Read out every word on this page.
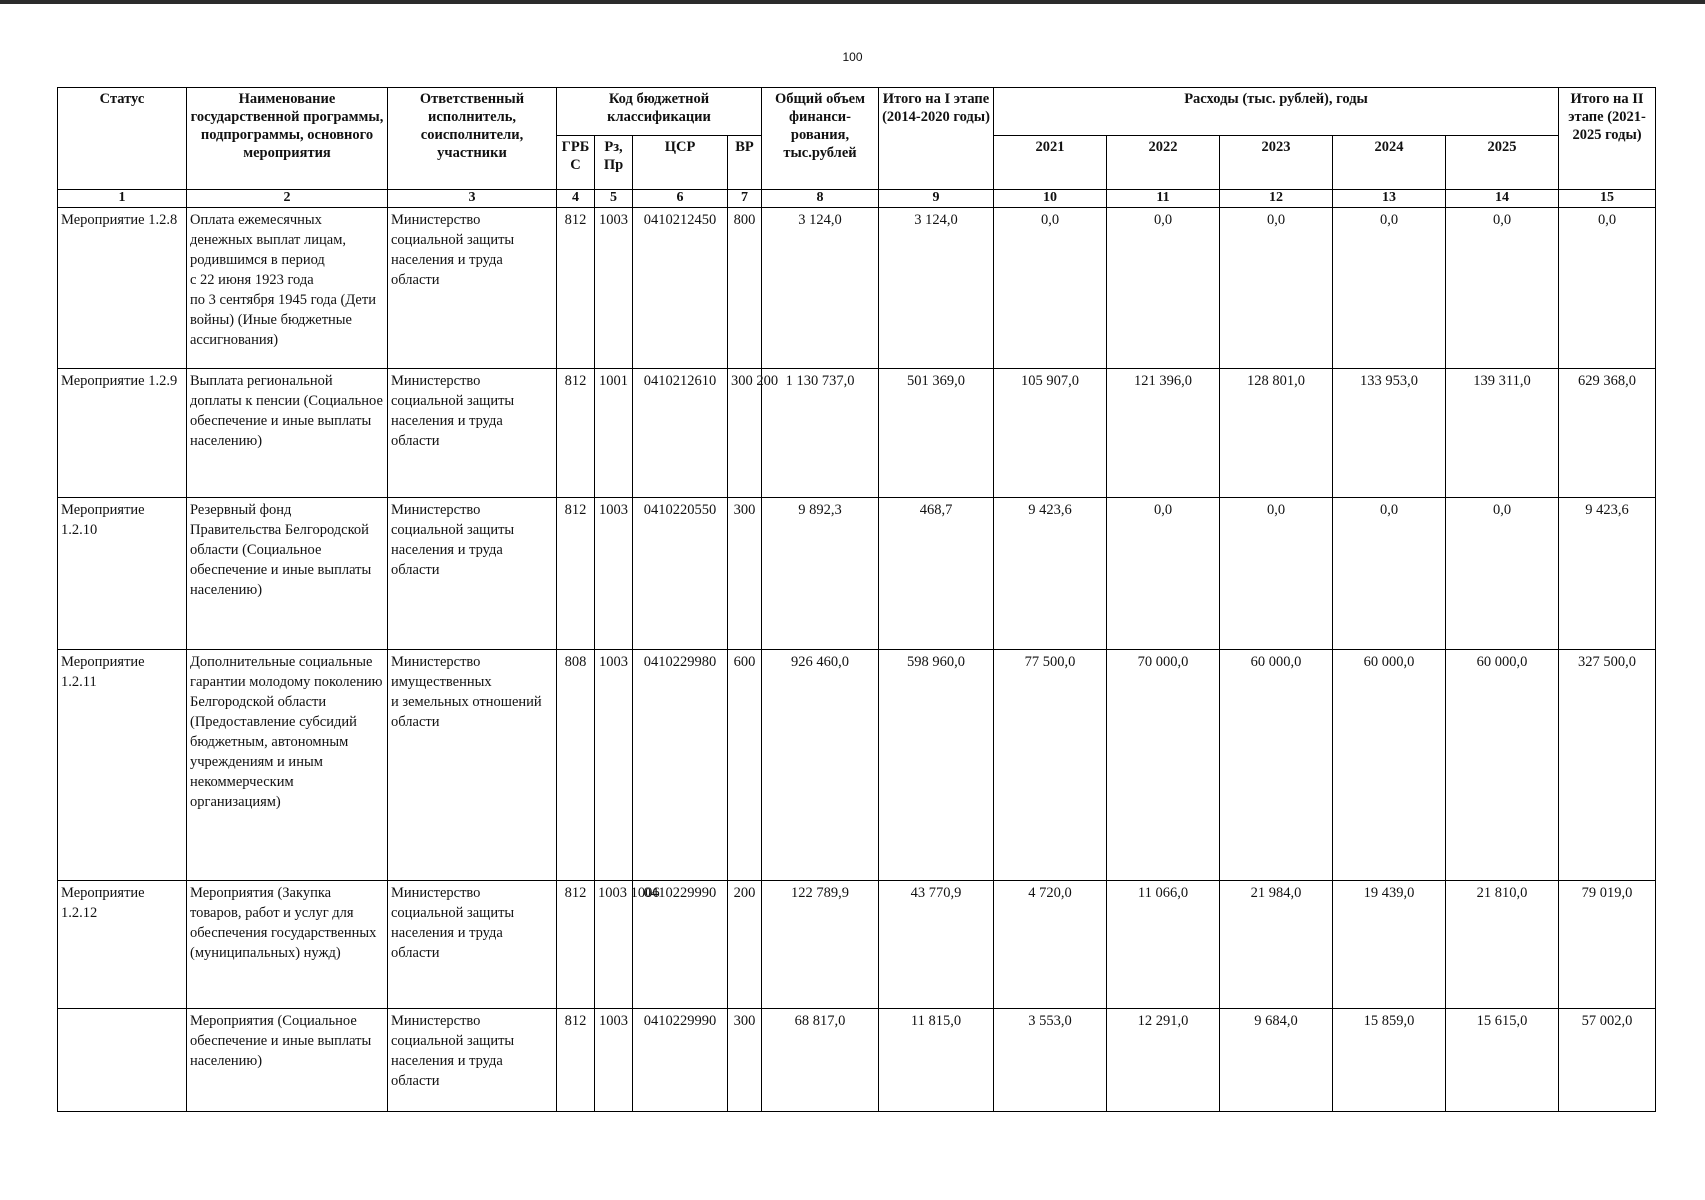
100
Статус	Наименование государственной программы, подпрограммы, основного мероприятия	Ответственный исполнитель, соисполнители, участники	Код бюджетной классификации				Общий объем финанси-рования, тыс.рублей	Итого на I этапе (2014-2020 годы)	Расходы (тыс. рублей), годы					Итого на II этапе (2021-2025 годы)
			ГРБ С	Рз, Пр	ЦСР	ВР			2021	2022	2023	2024	2025	

1	2	3	4	5	6	7	8	9	10	11	12	13	14	15
Мероприятие 1.2.8	Оплата ежемесячных денежных выплат лицам, родившимся в период
с 22 июня 1923 года
по 3 сентября 1945 года (Дети войны) (Иные бюджетные ассигнования)	Министерство социальной защиты населения и труда области	812	1003	0410212450	800	3 124,0	3 124,0	0,0	0,0	0,0	0,0	0,0	0,0
Мероприятие 1.2.9	Выплата региональной доплаты к пенсии (Социальное обеспечение и иные выплаты населению)	Министерство социальной защиты населения и труда области	812	1001	0410212610	300 200	1 130 737,0	501 369,0	105 907,0	121 396,0	128 801,0	133 953,0	139 311,0	629 368,0
Мероприятие 1.2.10	Резервный фонд Правительства Белгородской области (Социальное обеспечение и иные выплаты населению)	Министерство социальной защиты населения и труда области	812	1003	0410220550	300	9 892,3	468,7	9 423,6	0,0	0,0	0,0	0,0	9 423,6
Мероприятие 1.2.11	Дополнительные социальные гарантии молодому поколению Белгородской области (Предоставление субсидий бюджетным, автономным учреждениям и иным некоммерческим организациям)	Министерство имущественных
и земельных отношений области	808	1003	0410229980	600	926 460,0	598 960,0	77 500,0	70 000,0	60 000,0	60 000,0	60 000,0	327 500,0
Мероприятие 1.2.12	Мероприятия (Закупка товаров, работ и услуг для обеспечения государственных (муниципальных) нужд)	Министерство социальной защиты населения и труда области	812	1003 1006	0410229990	200	122 789,9	43 770,9	4 720,0	11 066,0	21 984,0	19 439,0	21 810,0	79 019,0
	Мероприятия (Социальное обеспечение и иные выплаты населению)	Министерство социальной защиты населения и труда области	812	1003	0410229990	300	68 817,0	11 815,0	3 553,0	12 291,0	9 684,0	15 859,0	15 615,0	57 002,0
